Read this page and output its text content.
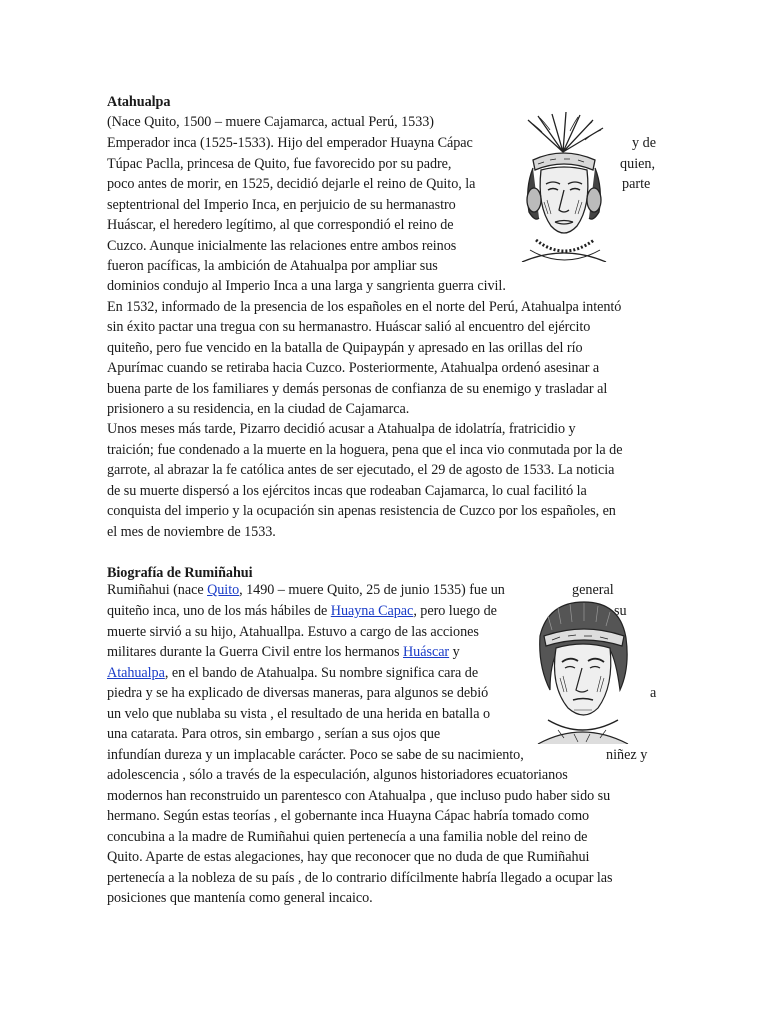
Atahualpa
(Nace Quito, 1500 – muere Cajamarca, actual Perú, 1533)
Emperador inca (1525-1533). Hijo del emperador Huayna Cápac
Túpac Paclla, princesa de Quito, fue favorecido por su padre,
poco antes de morir, en 1525, decidió dejarle el reino de Quito, la
septentrional del Imperio Inca, en perjuicio de su hermanastro
Huáscar, el heredero legítimo, al que correspondió el reino de
Cuzco. Aunque inicialmente las relaciones entre ambos reinos
fueron pacíficas, la ambición de Atahualpa por ampliar sus
dominios condujo al Imperio Inca a una larga y sangrienta guerra civil.
En 1532, informado de la presencia de los españoles en el norte del Perú, Atahualpa intentó
sin éxito pactar una tregua con su hermanastro. Huáscar salió al encuentro del ejército
quiteño, pero fue vencido en la batalla de Quipaypán y apresado en las orillas del río
Apurímac cuando se retiraba hacia Cuzco. Posteriormente, Atahualpa ordenó asesinar a
buena parte de los familiares y demás personas de confianza de su enemigo y trasladar al
prisionero a su residencia, en la ciudad de Cajamarca.
Unos meses más tarde, Pizarro decidió acusar a Atahualpa de idolatría, fratricidio y
traición; fue condenado a la muerte en la hoguera, pena que el inca vio conmutada por la de
garrote, al abrazar la fe católica antes de ser ejecutado, el 29 de agosto de 1533. La noticia
de su muerte dispersó a los ejércitos incas que rodeaban Cajamarca, lo cual facilitó la
conquista del imperio y la ocupación sin apenas resistencia de Cuzco por los españoles, en
el mes de noviembre de 1533.
y de
quien,
parte
Biografía de Rumiñahui
Rumiñahui (nace Quito, 1490 – muere Quito, 25 de junio 1535) fue un
quiteño inca, uno de los más hábiles de Huayna Capac, pero luego de
muerte sirvió a su hijo, Atahuallpa. Estuvo a cargo de las acciones
militares durante la Guerra Civil entre los hermanos Huáscar y
Atahualpa, en el bando de Atahualpa. Su nombre significa cara de
piedra y se ha explicado de diversas maneras, para algunos se debió
un velo que nublaba su vista , el resultado de una herida en batalla o
una catarata. Para otros, sin embargo , serían a sus ojos que
infundían dureza y un implacable carácter. Poco se sabe de su nacimiento,
adolescencia , sólo a través de la especulación, algunos historiadores ecuatorianos
modernos han reconstruido un parentesco con Atahualpa , que incluso pudo haber sido su
hermano. Según estas teorías , el gobernante inca Huayna Cápac habría tomado como
concubina a la madre de Rumiñahui quien pertenecía a una familia noble del reino de
Quito. Aparte de estas alegaciones, hay que reconocer que no duda de que Rumiñahui
pertenecía a la nobleza de su país , de lo contrario difícilmente habría llegado a ocupar las
posiciones que mantenía como general incaico.
general
su
a
niñez y
